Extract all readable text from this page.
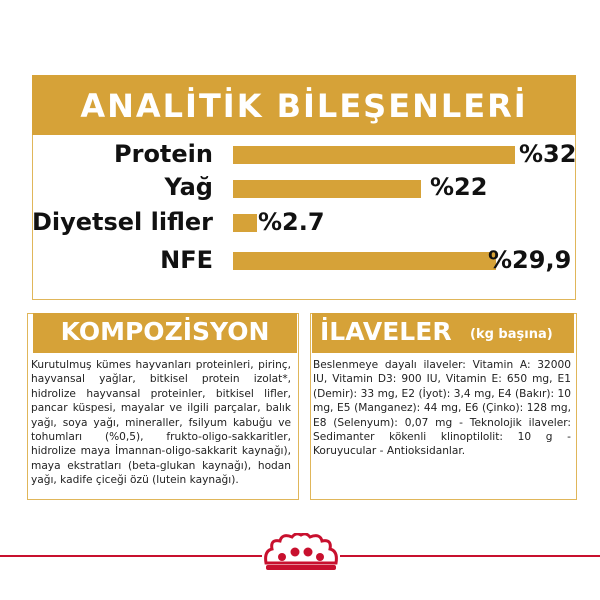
ANALİTİK BİLEŞENLERİ
Protein	%32
Yağ	%22
Diyetsel lifler %2.7
NFE	%29,9
KOMPOZİSYON
Kurutulmuş kümes hayvanları proteinleri, pirinç, hayvansal yağlar, bitkisel protein izolat*, hidrolize hayvansal proteinler, bitkisel lifler, pancar küspesi, mayalar ve ilgili parçalar, balık yağı, soya yağı, mineraller, fsilyum kabuğu ve tohumları (%0,5), frukto-oligo-sakkaritler, hidrolize maya İmannan-oligo-sakkarit kaynağı), maya ekstratları (beta-glukan kaynağı), hodan yağı, kadife çiceği özü (lutein kaynağı).
İLAVELER (kg başına)
Beslenmeye dayalı ilaveler: Vitamin A: 32000 IU, Vitamin D3: 900 IU, Vitamin E: 650 mg, E1 (Demir): 33 mg, E2 (İyot): 3,4 mg, E4 (Bakır): 10 mg, E5 (Manganez): 44 mg, E6 (Çinko): 128 mg, E8 (Selenyum): 0,07 mg - Teknolojik ilaveler: Sedimanter kökenli klinoptilolit: 10 g - Koruyucular - Antioksidanlar.
